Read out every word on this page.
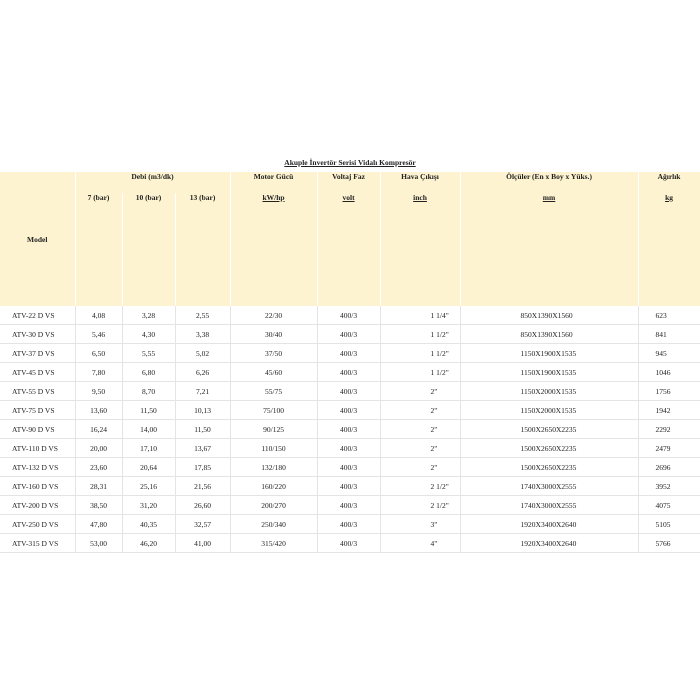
Akuple İnvertör Serisi Vidalı Kompresör
Model	Debi (m3/dk)			Motor Gücü	Voltaj Faz	Hava Çıkışı	Ölçüler (En x Boy x Yüks.)	Ağırlık
	7 (bar)	10 (bar)	13 (bar)	kW/hp	volt	inch	mm	kg
ATV-22 D VS	4,08	3,28	2,55	22/30	400/3	1 1/4"	850X1390X1560	623
ATV-30 D VS	5,46	4,30	3,38	30/40	400/3	1 1/2"	850X1390X1560	841
ATV-37 D VS	6,50	5,55	5,02	37/50	400/3	1 1/2"	1150X1900X1535	945
ATV-45 D VS	7,80	6,80	6,26	45/60	400/3	1 1/2"	1150X1900X1535	1046
ATV-55 D VS	9,50	8,70	7,21	55/75	400/3	2"	1150X2000X1535	1756
ATV-75 D VS	13,60	11,50	10,13	75/100	400/3	2"	1150X2000X1535	1942
ATV-90 D VS	16,24	14,00	11,50	90/125	400/3	2"	1500X2650X2235	2292
ATV-110 D VS	20,00	17,10	13,67	110/150	400/3	2"	1500X2650X2235	2479
ATV-132 D VS	23,60	20,64	17,85	132/180	400/3	2"	1500X2650X2235	2696
ATV-160 D VS	28,31	25,16	21,56	160/220	400/3	2 1/2"	1740X3000X2555	3952
ATV-200 D VS	38,50	31,20	26,60	200/270	400/3	2 1/2"	1740X3000X2555	4075
ATV-250 D VS	47,80	40,35	32,57	250/340	400/3	3"	1920X3400X2640	5105
ATV-315 D VS	53,00	46,20	41,00	315/420	400/3	4"	1920X3400X2640	5766
